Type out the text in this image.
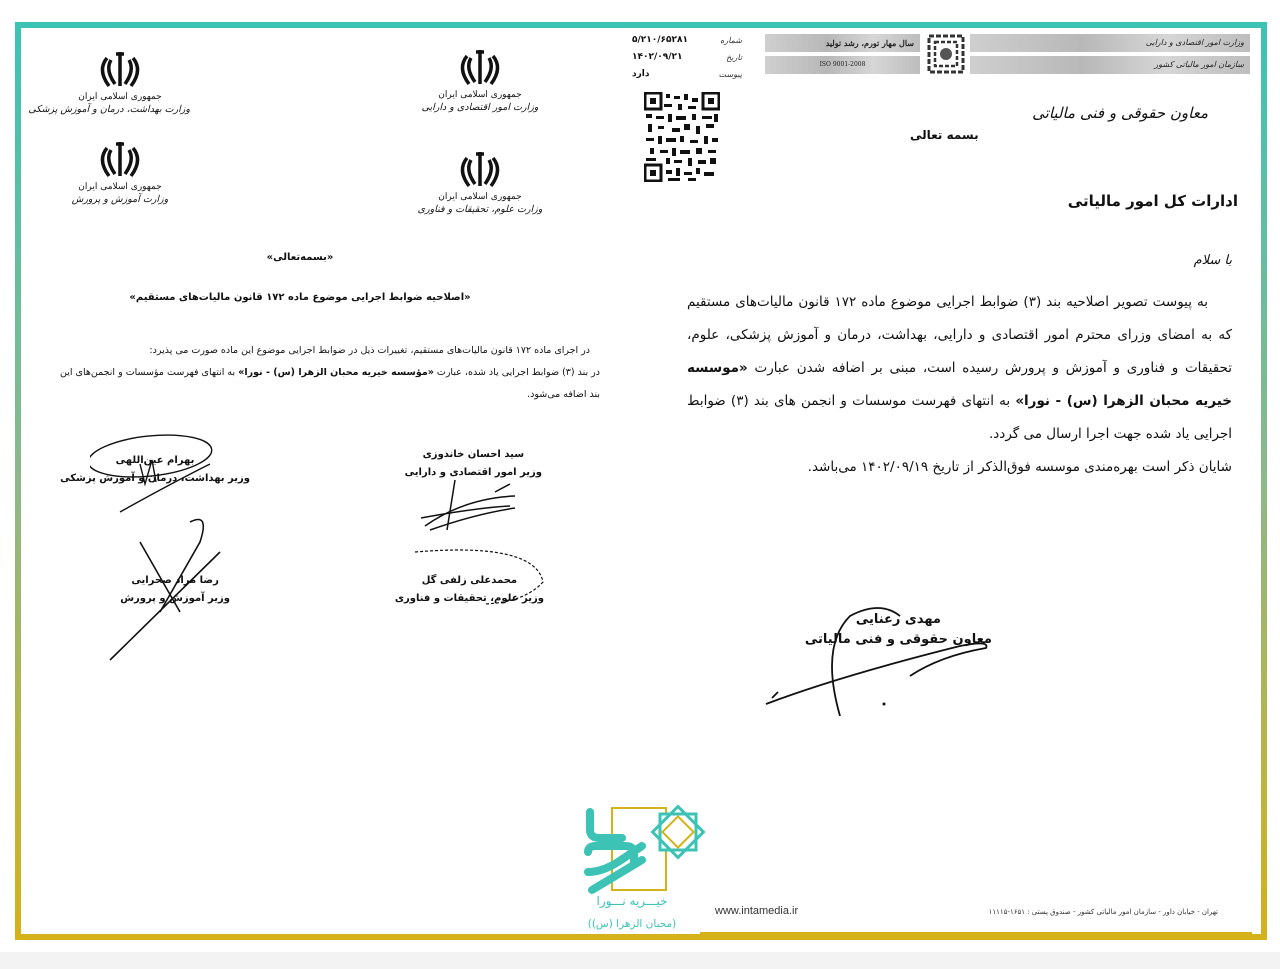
جمهوری اسلامی ایران
وزارت امور اقتصادی و دارایی
جمهوری اسلامی ایران
وزارت علوم، تحقیقات و فناوری
جمهوری اسلامی ایران
وزارت بهداشت، درمان و آموزش پزشکی
جمهوری اسلامی ایران
وزارت آموزش و پرورش
«بسمه‌تعالی»
«اصلاحیه ضوابط اجرایی موضوع ماده ۱۷۲ قانون مالیات‌های مستقیم»

در اجرای ماده ۱۷۲ قانون مالیات‌های مستقیم، تغییرات ذیل در ضوابط اجرایی موضوع این ماده صورت می پذیرد:

در بند (۳) ضوابط اجرایی یاد شده، عبارت «مؤسسه خیریه محبان الزهرا (س) - نورا» به انتهای فهرست مؤسسات و انجمن‌های این بند اضافه می‌شود.

سید احسان خاندوزی
وزیر امور اقتصادی و دارایی
بهرام عین‌اللهی
وزیر بهداشت، درمان و آموزش پزشکی
محمدعلی زلفی گل
وزیر علوم، تحقیقات و فناوری
رضا مراد صحرایی
وزیر آموزش و پرورش
وزارت امور اقتصادی و دارایی
سازمان امور مالیاتی کشور
سال مهار تورم، رشد تولید
ISO 9001-2008
شماره
۵/۲۱۰/۶۵۲۸۱
تاریخ
۱۴۰۲/۰۹/۲۱
پیوست
دارد
معاون حقوقی و فنی مالیاتی
بسمه تعالی
ادارات کل امور مالیاتی
با سلام

به پیوست تصویر اصلاحیه بند (۳) ضوابط اجرایی موضوع ماده ۱۷۲ قانون مالیات‌های مستقیم که به امضای وزرای محترم امور اقتصادی و دارایی، بهداشت، درمان و آموزش پزشکی، علوم، تحقیقات و فناوری و آموزش و پرورش رسیده است، مبنی بر اضافه شدن عبارت «موسسه خیریه محبان الزهرا (س) - نورا» به انتهای فهرست موسسات و انجمن های بند (۳) ضوابط اجرایی یاد شده جهت اجرا ارسال می گردد.

شایان ذکر است بهره‌مندی موسسه فوق‌الذکر از تاریخ ۱۴۰۲/۰۹/۱۹ می‌باشد.

مهدی رعنایی
معاون حقوقی و فنی مالیاتی
تهران - خیابان داور - سازمان امور مالیاتی کشور - صندوق پستی : ۱۶۵۱-۱۱۱۱۵
www.intamedia.ir
خیـــریه نـــورا
(محبان الزهرا (س))
